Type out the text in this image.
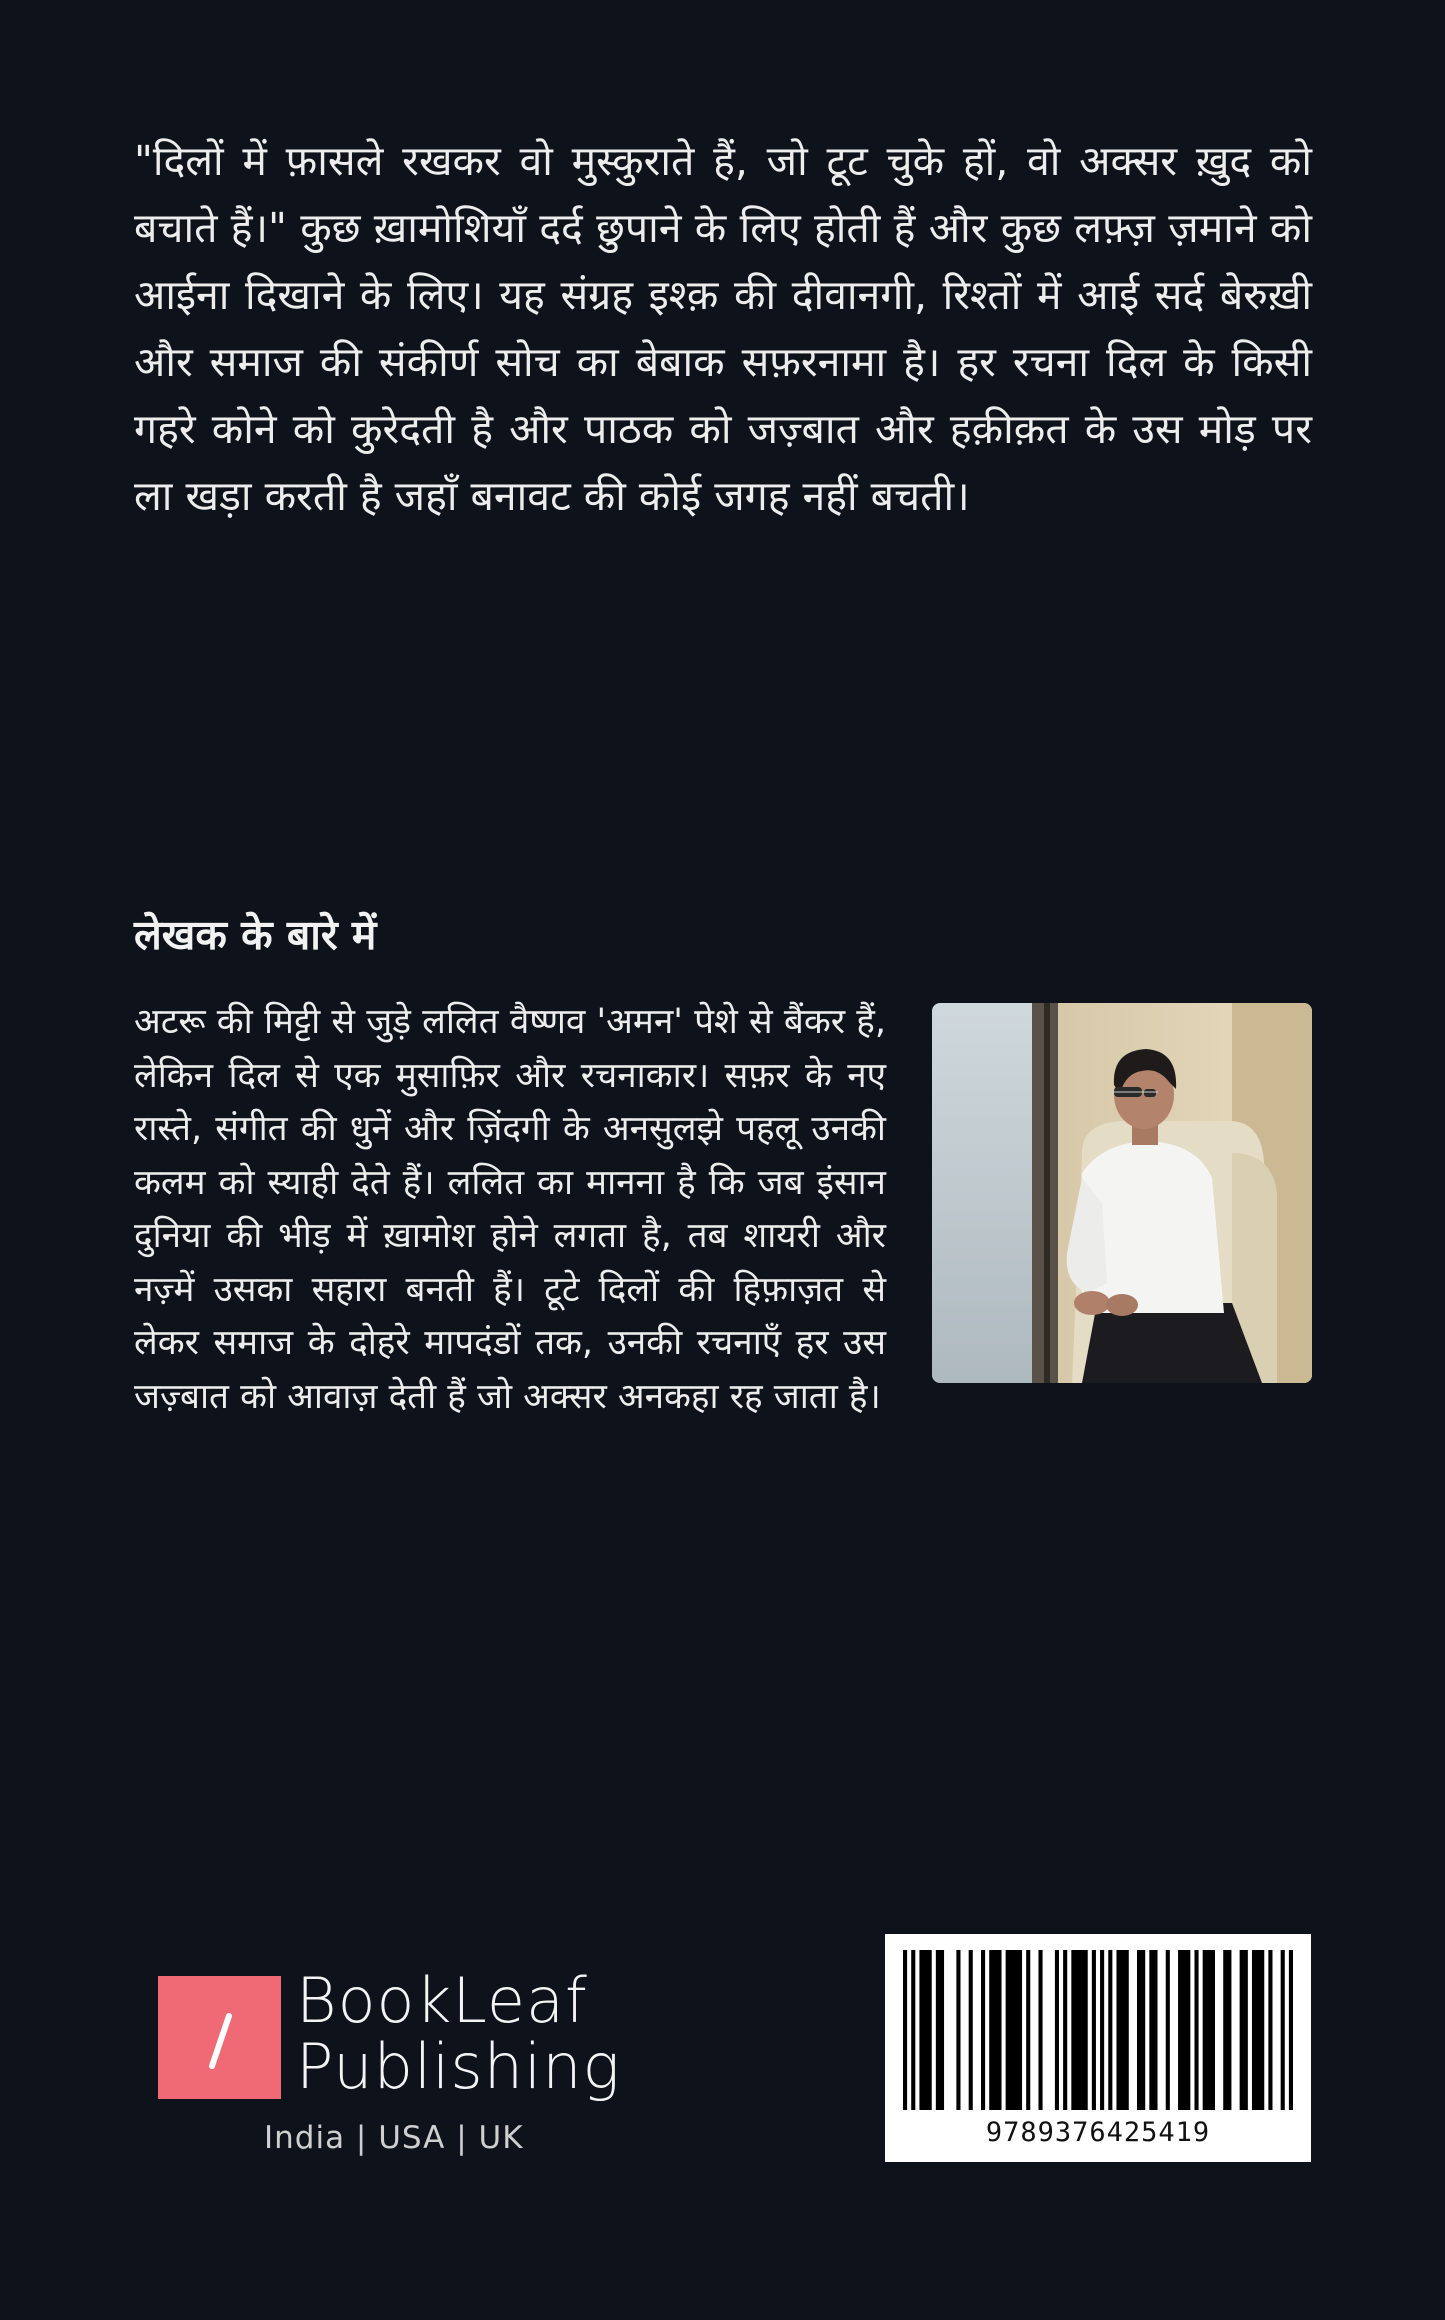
"दिलों में फ़ासले रखकर वो मुस्कुराते हैं, जो टूट चुके हों, वो अक्सर ख़ुद को बचाते हैं।" कुछ ख़ामोशियाँ दर्द छुपाने के लिए होती हैं और कुछ लफ़्ज़ ज़माने को आईना दिखाने के लिए। यह संग्रह इश्क़ की दीवानगी, रिश्तों में आई सर्द बेरुख़ी और समाज की संकीर्ण सोच का बेबाक सफ़रनामा है। हर रचना दिल के किसी गहरे कोने को कुरेदती है और पाठक को जज़्बात और हक़ीक़त के उस मोड़ पर ला खड़ा करती है जहाँ बनावट की कोई जगह नहीं बचती।

लेखक के बारे में

अटरू की मिट्टी से जुड़े ललित वैष्णव 'अमन' पेशे से बैंकर हैं, लेकिन दिल से एक मुसाफ़िर और रचनाकार। सफ़र के नए रास्ते, संगीत की धुनें और ज़िंदगी के अनसुलझे पहलू उनकी कलम को स्याही देते हैं। ललित का मानना है कि जब इंसान दुनिया की भीड़ में ख़ामोश होने लगता है, तब शायरी और नज़्में उसका सहारा बनती हैं। टूटे दिलों की हिफ़ाज़त से लेकर समाज के दोहरे मापदंडों तक, उनकी रचनाएँ हर उस जज़्बात को आवाज़ देती हैं जो अक्सर अनकहा रह जाता है।

BookLeaf
Publishing
India | USA | UK	9789376425419
